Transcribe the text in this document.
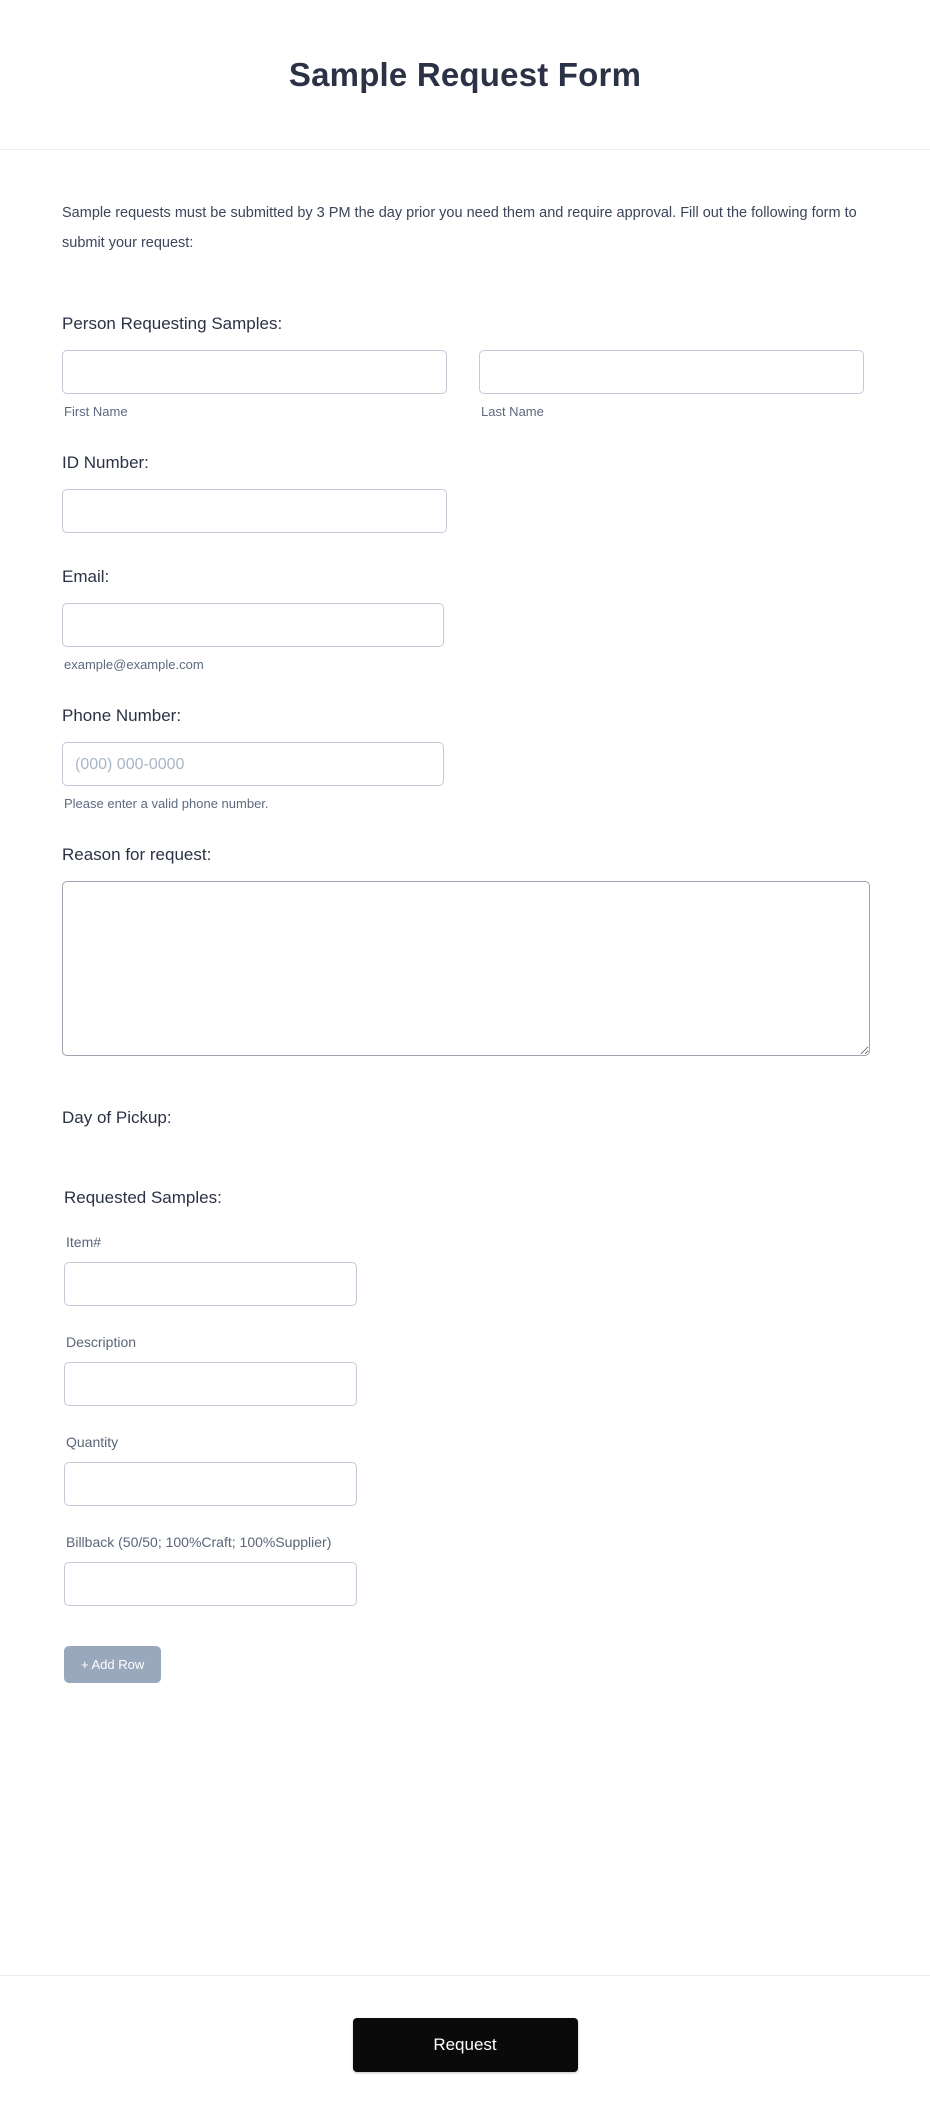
Sample Request Form

Sample requests must be submitted by 3 PM the day prior you need them and require approval. Fill out the following form to submit your request:

Person Requesting Samples:
First Name	Last Name
ID Number:
Email:
example@example.com
Phone Number:
(000) 000-0000
Please enter a valid phone number.
Reason for request:
Day of Pickup:
Requested Samples:
Item#
Description
Quantity
Billback (50/50; 100%Craft; 100%Supplier)
+ Add Row
Request
